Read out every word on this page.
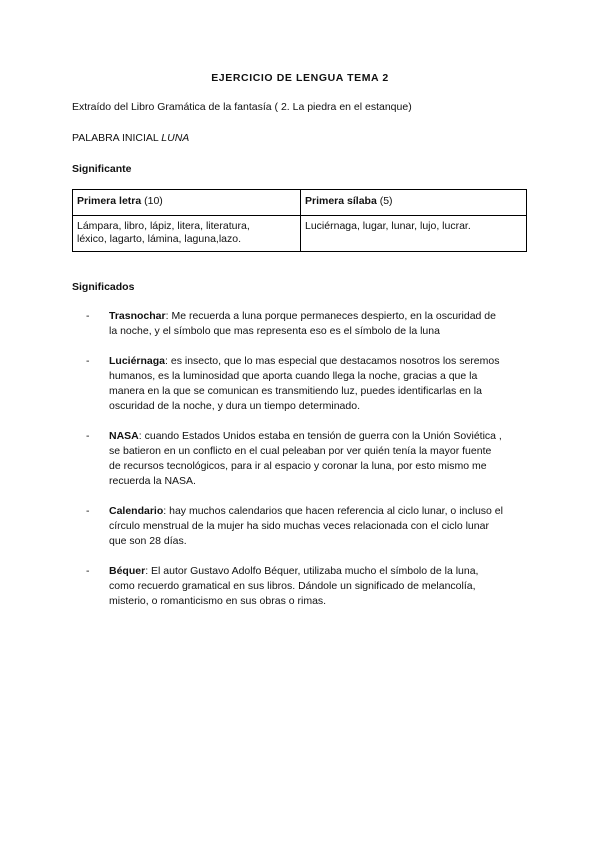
EJERCICIO DE LENGUA TEMA 2
Extraído del Libro Gramática de la fantasía ( 2. La piedra en el estanque)
PALABRA INICIAL LUNA
Significante
Primera letra (10)	Primera sílaba (5)

Lámpara, libro, lápiz, litera, literatura,
léxico, lagarto, lámina, laguna,lazo.	Luciérnaga, lugar, lunar, lujo, lucrar.
Significados
- Trasnochar: Me recuerda a luna porque permaneces despierto, en la oscuridad de
la noche, y el símbolo que mas representa eso es el símbolo de la luna
- Luciérnaga: es insecto, que lo mas especial que destacamos nosotros los seremos
humanos, es la luminosidad que aporta cuando llega la noche, gracias a que la
manera en la que se comunican es transmitiendo luz, puedes identificarlas en la
oscuridad de la noche, y dura un tiempo determinado.
- NASA: cuando Estados Unidos estaba en tensión de guerra con la Unión Soviética ,
se batieron en un conflicto en el cual peleaban por ver quién tenía la mayor fuente
de recursos tecnológicos, para ir al espacio y coronar la luna, por esto mismo me
recuerda la NASA.
- Calendario: hay muchos calendarios que hacen referencia al ciclo lunar, o incluso el
círculo menstrual de la mujer ha sido muchas veces relacionada con el ciclo lunar
que son 28 días.
- Béquer: El autor Gustavo Adolfo Béquer, utilizaba mucho el símbolo de la luna,
como recuerdo gramatical en sus libros. Dándole un significado de melancolía,
misterio, o romanticismo en sus obras o rimas.
